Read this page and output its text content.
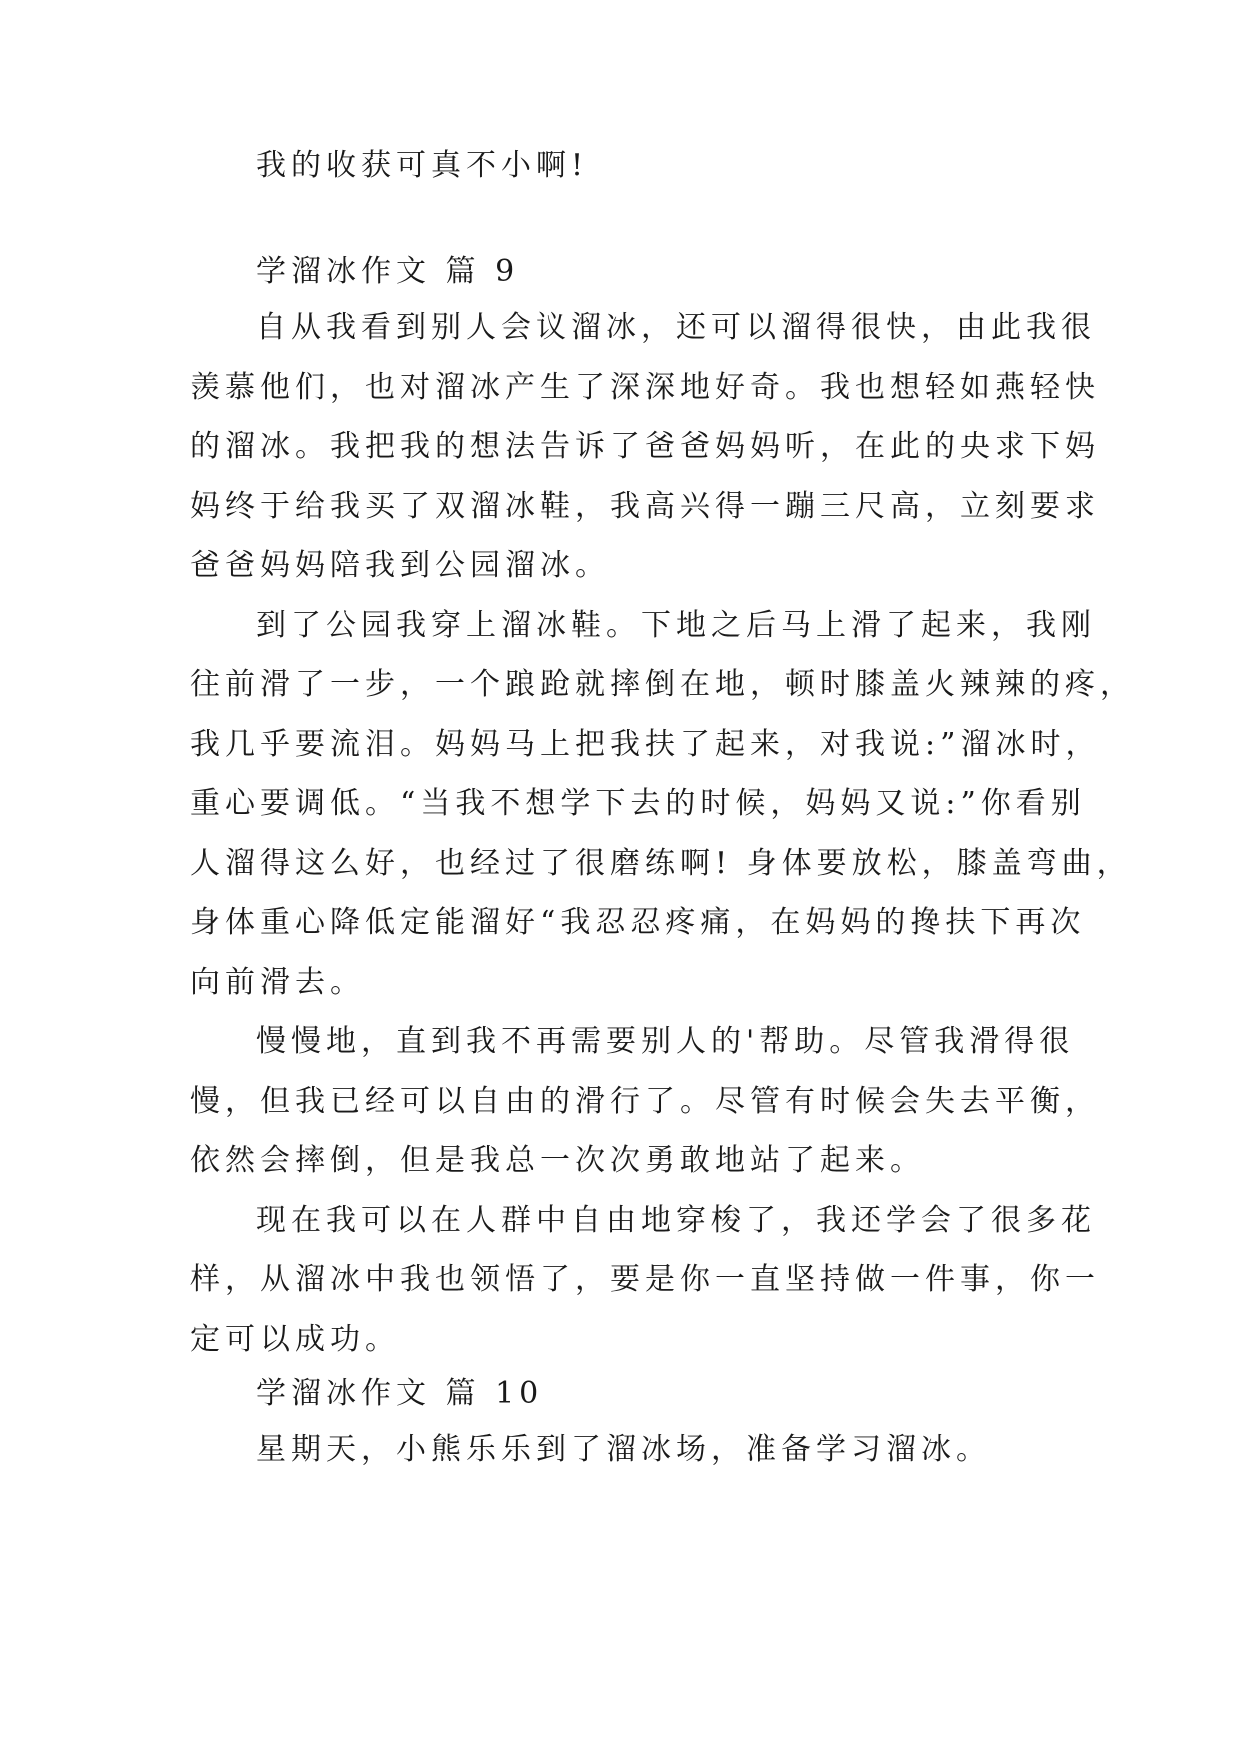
我的收获可真不小啊!
学溜冰作文 篇 9
自从我看到别人会议溜冰，还可以溜得很快，由此我很
羡慕他们，也对溜冰产生了深深地好奇。我也想轻如燕轻快
的溜冰。我把我的想法告诉了爸爸妈妈听，在此的央求下妈
妈终于给我买了双溜冰鞋，我高兴得一蹦三尺高，立刻要求
爸爸妈妈陪我到公园溜冰。
到了公园我穿上溜冰鞋。下地之后马上滑了起来，我刚
往前滑了一步，一个踉跄就摔倒在地，顿时膝盖火辣辣的疼，
我几乎要流泪。妈妈马上把我扶了起来，对我说:”溜冰时，
重心要调低。“当我不想学下去的时候，妈妈又说:”你看别
人溜得这么好，也经过了很磨练啊! 身体要放松，膝盖弯曲，
身体重心降低定能溜好“我忍忍疼痛，在妈妈的搀扶下再次
向前滑去。
慢慢地，直到我不再需要别人的'帮助。尽管我滑得很
慢，但我已经可以自由的滑行了。尽管有时候会失去平衡，
依然会摔倒，但是我总一次次勇敢地站了起来。
现在我可以在人群中自由地穿梭了，我还学会了很多花
样，从溜冰中我也领悟了，要是你一直坚持做一件事，你一
定可以成功。
学溜冰作文 篇 10
星期天，小熊乐乐到了溜冰场，准备学习溜冰。
